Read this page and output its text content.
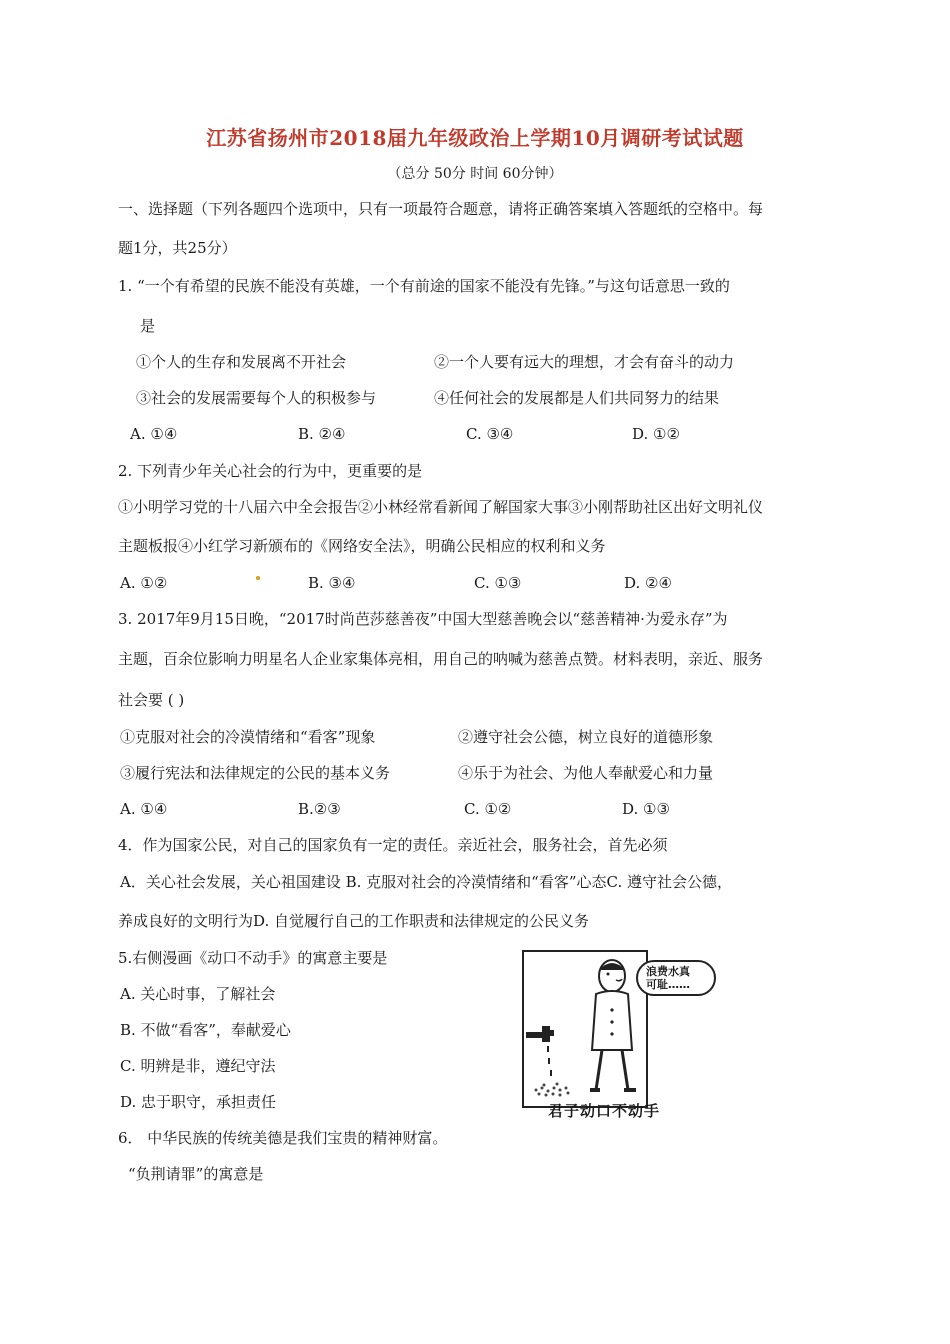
江苏省扬州市2018届九年级政治上学期10月调研考试试题
（总分 50分 时间 60分钟）
一、选择题（下列各题四个选项中，只有一项最符合题意，请将正确答案填入答题纸的空格中。每
题1分，共25分）
1. “一个有希望的民族不能没有英雄，一个有前途的国家不能没有先锋。”与这句话意思一致的
是
①个人的生存和发展离不开社会	②一个人要有远大的理想，才会有奋斗的动力
③社会的发展需要每个人的积极参与	④任何社会的发展都是人们共同努力的结果
A. ①④	B. ②④	C. ③④	D. ①②
2. 下列青少年关心社会的行为中，更重要的是
①小明学习党的十八届六中全会报告②小林经常看新闻了解国家大事③小刚帮助社区出好文明礼仪
主题板报④小红学习新颁布的《网络安全法》，明确公民相应的权利和义务
A. ①②	B. ③④	C. ①③	D. ②④
3. 2017年9月15日晚，“2017时尚芭莎慈善夜”中国大型慈善晚会以“慈善精神·为爱永存”为
主题，百余位影响力明星名人企业家集体亮相，用自己的呐喊为慈善点赞。材料表明，亲近、服务
社会要 ( )
①克服对社会的冷漠情绪和“看客”现象	②遵守社会公德，树立良好的道德形象
③履行宪法和法律规定的公民的基本义务	④乐于为社会、为他人奉献爱心和力量
A. ①④	B.②③	C. ①②	D. ①③
4．作为国家公民，对自己的国家负有一定的责任。亲近社会，服务社会，首先必须
A．关心社会发展，关心祖国建设 B. 克服对社会的冷漠情绪和“看客”心态C. 遵守社会公德，
养成良好的文明行为D. 自觉履行自己的工作职责和法律规定的公民义务
5.右侧漫画《动口不动手》的寓意主要是
A. 关心时事，了解社会
B. 不做“看客”，奉献爱心
C. 明辨是非，遵纪守法
D. 忠于职守，承担责任
浪费水真
可耻……
君子动口不动手
6． 中华民族的传统美德是我们宝贵的精神财富。
“负荆请罪”的寓意是
